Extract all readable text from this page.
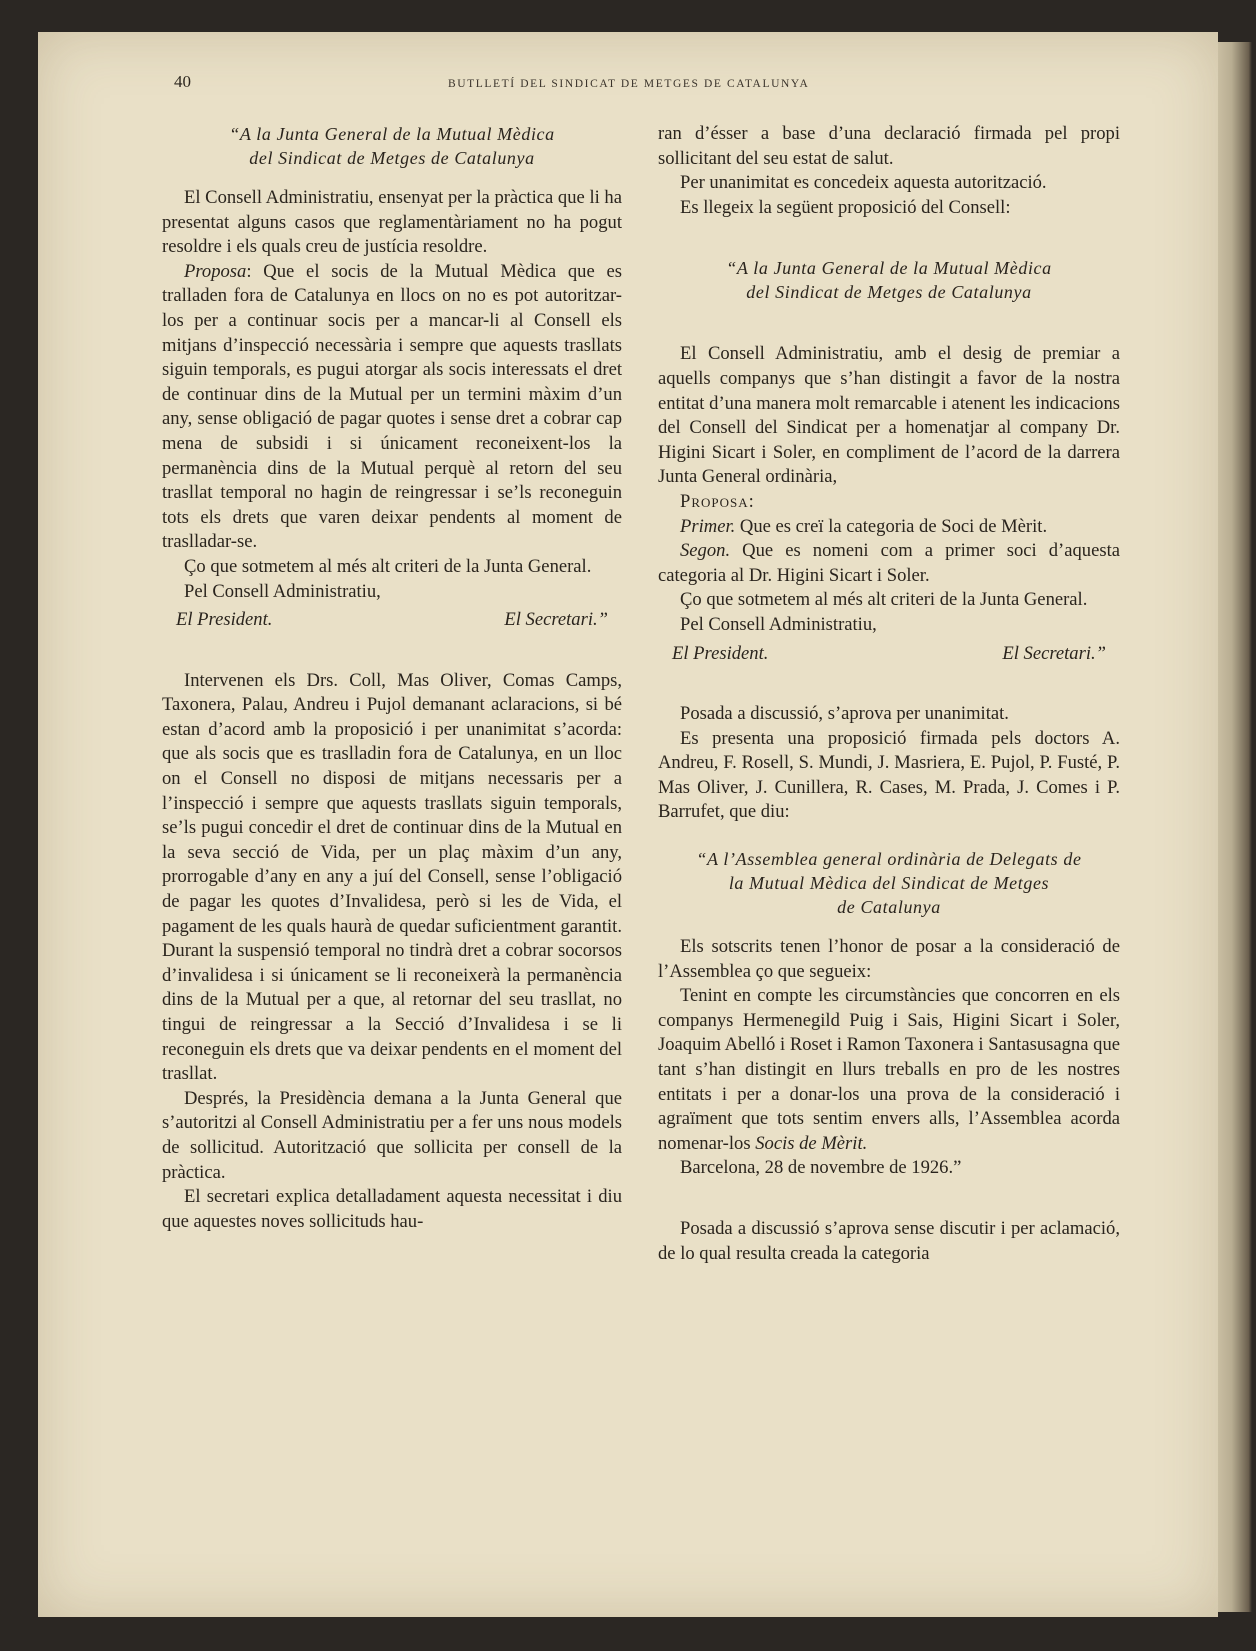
40	BUTLLETÍ DEL SINDICAT DE METGES DE CATALUNYA
“A la Junta General de la Mutual Mèdica
del Sindicat de Metges de Catalunya

El Consell Administratiu, ensenyat per la pràctica que li ha presentat alguns casos que reglamentàriament no ha pogut resoldre i els quals creu de justícia resoldre.

Proposa: Que el socis de la Mutual Mèdica que es tralladen fora de Catalunya en llocs on no es pot autoritzar-los per a continuar socis per a mancar-li al Consell els mitjans d’inspecció necessària i sempre que aquests trasllats siguin temporals, es pugui atorgar als socis interessats el dret de continuar dins de la Mutual per un termini màxim d’un any, sense obligació de pagar quotes i sense dret a cobrar cap mena de subsidi i si únicament reconeixent-los la permanència dins de la Mutual perquè al retorn del seu trasllat temporal no hagin de reingressar i se’ls reconeguin tots els drets que varen deixar pendents al moment de traslladar-se.

Ço que sotmetem al més alt criteri de la Junta General.

Pel Consell Administratiu,

El President.	El Secretari.”

Intervenen els Drs. Coll, Mas Oliver, Comas Camps, Taxonera, Palau, Andreu i Pujol demanant aclaracions, si bé estan d’acord amb la proposició i per unanimitat s’acorda: que als socis que es traslladin fora de Catalunya, en un lloc on el Consell no disposi de mitjans necessaris per a l’inspecció i sempre que aquests trasllats siguin temporals, se’ls pugui concedir el dret de continuar dins de la Mutual en la seva secció de Vida, per un plaç màxim d’un any, prorrogable d’any en any a juí del Consell, sense l’obligació de pagar les quotes d’Invalidesa, però si les de Vida, el pagament de les quals haurà de quedar suficientment garantit. Durant la suspensió temporal no tindrà dret a cobrar socorsos d’invalidesa i si únicament se li reconeixerà la permanència dins de la Mutual per a que, al retornar del seu trasllat, no tingui de reingressar a la Secció d’Invalidesa i se li reconeguin els drets que va deixar pendents en el moment del trasllat.

Després, la Presidència demana a la Junta General que s’autoritzi al Consell Administratiu per a fer uns nous models de sollicitud. Autorització que sollicita per consell de la pràctica.

El secretari explica detalladament aquesta necessitat i diu que aquestes noves sollicituds hau-

ran d’ésser a base d’una declaració firmada pel propi sollicitant del seu estat de salut.

Per unanimitat es concedeix aquesta autorització.

Es llegeix la següent proposició del Consell:

“A la Junta General de la Mutual Mèdica
del Sindicat de Metges de Catalunya

El Consell Administratiu, amb el desig de premiar a aquells companys que s’han distingit a favor de la nostra entitat d’una manera molt remarcable i atenent les indicacions del Consell del Sindicat per a homenatjar al company Dr. Higini Sicart i Soler, en compliment de l’acord de la darrera Junta General ordinària,

Proposa:

Primer. Que es creï la categoria de Soci de Mèrit.

Segon. Que es nomeni com a primer soci d’aquesta categoria al Dr. Higini Sicart i Soler.

Ço que sotmetem al més alt criteri de la Junta General.

Pel Consell Administratiu,

El President.	El Secretari.”

Posada a discussió, s’aprova per unanimitat.

Es presenta una proposició firmada pels doctors A. Andreu, F. Rosell, S. Mundi, J. Masriera, E. Pujol, P. Fusté, P. Mas Oliver, J. Cunillera, R. Cases, M. Prada, J. Comes i P. Barrufet, que diu:

“A l’Assemblea general ordinària de Delegats de
la Mutual Mèdica del Sindicat de Metges
de Catalunya

Els sotscrits tenen l’honor de posar a la consideració de l’Assemblea ço que segueix:

Tenint en compte les circumstàncies que concorren en els companys Hermenegild Puig i Sais, Higini Sicart i Soler, Joaquim Abelló i Roset i Ramon Taxonera i Santasusagna que tant s’han distingit en llurs treballs en pro de les nostres entitats i per a donar-los una prova de la consideració i agraïment que tots sentim envers alls, l’Assemblea acorda nomenar-los Socis de Mèrit.

Barcelona, 28 de novembre de 1926.”

Posada a discussió s’aprova sense discutir i per aclamació, de lo qual resulta creada la categoria
